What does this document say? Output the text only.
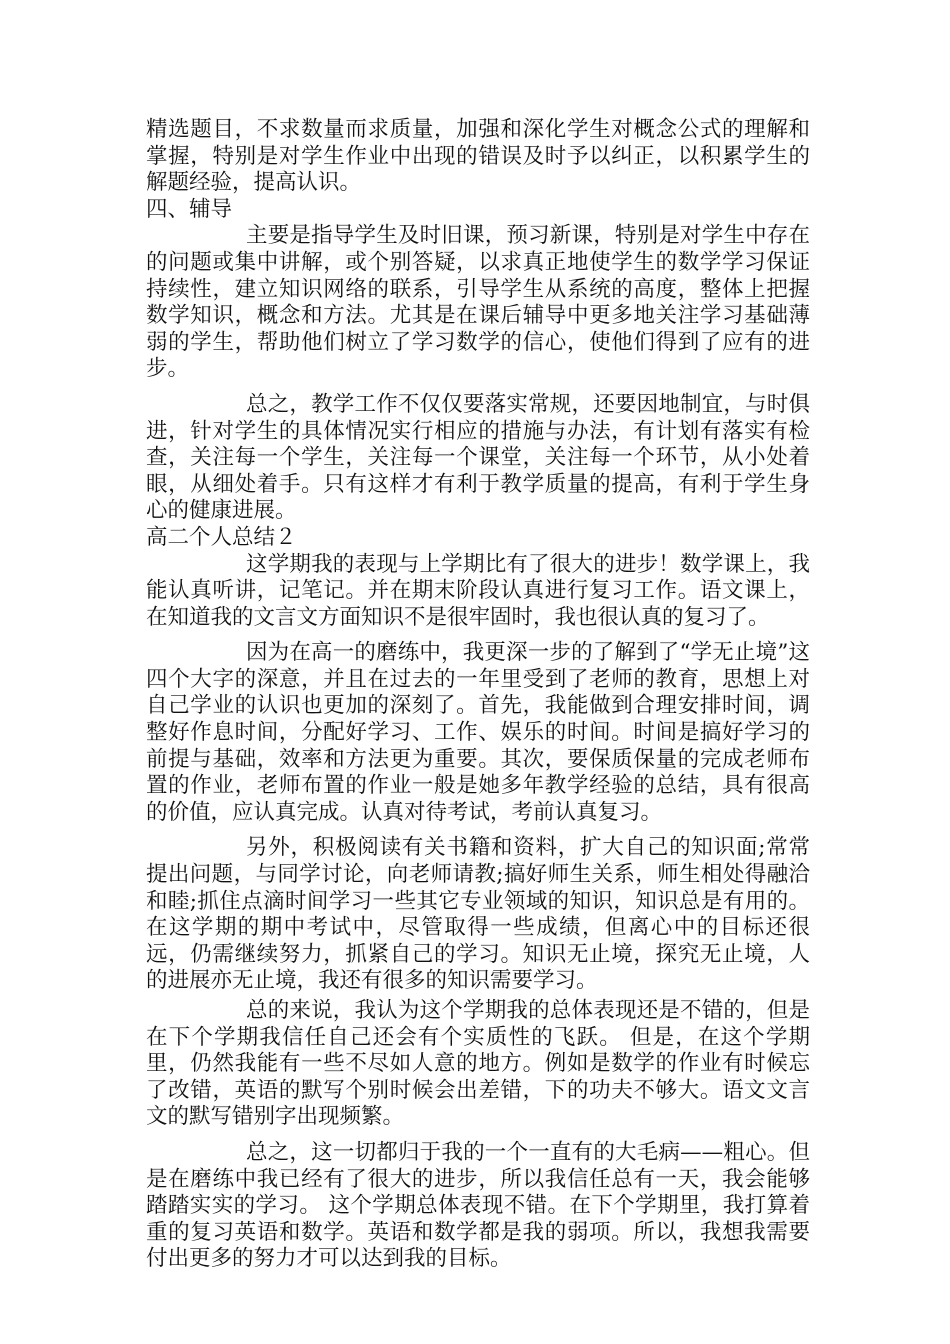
精选题目，不求数量而求质量，加强和深化学生对概念公式的理解和掌握，特别是对学生作业中出现的错误及时予以纠正，以积累学生的解题经验，提高认识。

四、辅导

主要是指导学生及时旧课，预习新课，特别是对学生中存在的问题或集中讲解，或个别答疑，以求真正地使学生的数学学习保证持续性，建立知识网络的联系，引导学生从系统的高度，整体上把握数学知识，概念和方法。尤其是在课后辅导中更多地关注学习基础薄弱的学生，帮助他们树立了学习数学的信心，使他们得到了应有的进步。

总之，教学工作不仅仅要落实常规，还要因地制宜，与时俱进，针对学生的具体情况实行相应的措施与办法，有计划有落实有检查，关注每一个学生，关注每一个课堂，关注每一个环节，从小处着眼，从细处着手。只有这样才有利于教学质量的提高，有利于学生身心的健康进展。

高二个人总结２

这学期我的表现与上学期比有了很大的进步！数学课上，我能认真听讲，记笔记。并在期末阶段认真进行复习工作。语文课上，在知道我的文言文方面知识不是很牢固时，我也很认真的复习了。

因为在高一的磨练中，我更深一步的了解到了“学无止境”这四个大字的深意，并且在过去的一年里受到了老师的教育，思想上对自己学业的认识也更加的深刻了。首先，我能做到合理安排时间，调整好作息时间，分配好学习、工作、娱乐的时间。时间是搞好学习的前提与基础，效率和方法更为重要。其次，要保质保量的完成老师布置的作业，老师布置的作业一般是她多年教学经验的总结，具有很高的价值，应认真完成。认真对待考试，考前认真复习。

另外，积极阅读有关书籍和资料，扩大自己的知识面;常常提出问题，与同学讨论，向老师请教;搞好师生关系，师生相处得融洽和睦;抓住点滴时间学习一些其它专业领域的知识，知识总是有用的。在这学期的期中考试中，尽管取得一些成绩，但离心中的目标还很远，仍需继续努力，抓紧自己的学习。知识无止境，探究无止境，人的进展亦无止境，我还有很多的知识需要学习。

总的来说，我认为这个学期我的总体表现还是不错的，但是在下个学期我信任自己还会有个实质性的飞跃。 但是，在这个学期里，仍然我能有一些不尽如人意的地方。例如是数学的作业有时候忘了改错，英语的默写个别时候会出差错，下的功夫不够大。语文文言文的默写错别字出现频繁。

总之，这一切都归于我的一个一直有的大毛病——粗心。但是在磨练中我已经有了很大的进步，所以我信任总有一天，我会能够踏踏实实的学习。 这个学期总体表现不错。在下个学期里，我打算着重的复习英语和数学。英语和数学都是我的弱项。所以，我想我需要付出更多的努力才可以达到我的目标。
